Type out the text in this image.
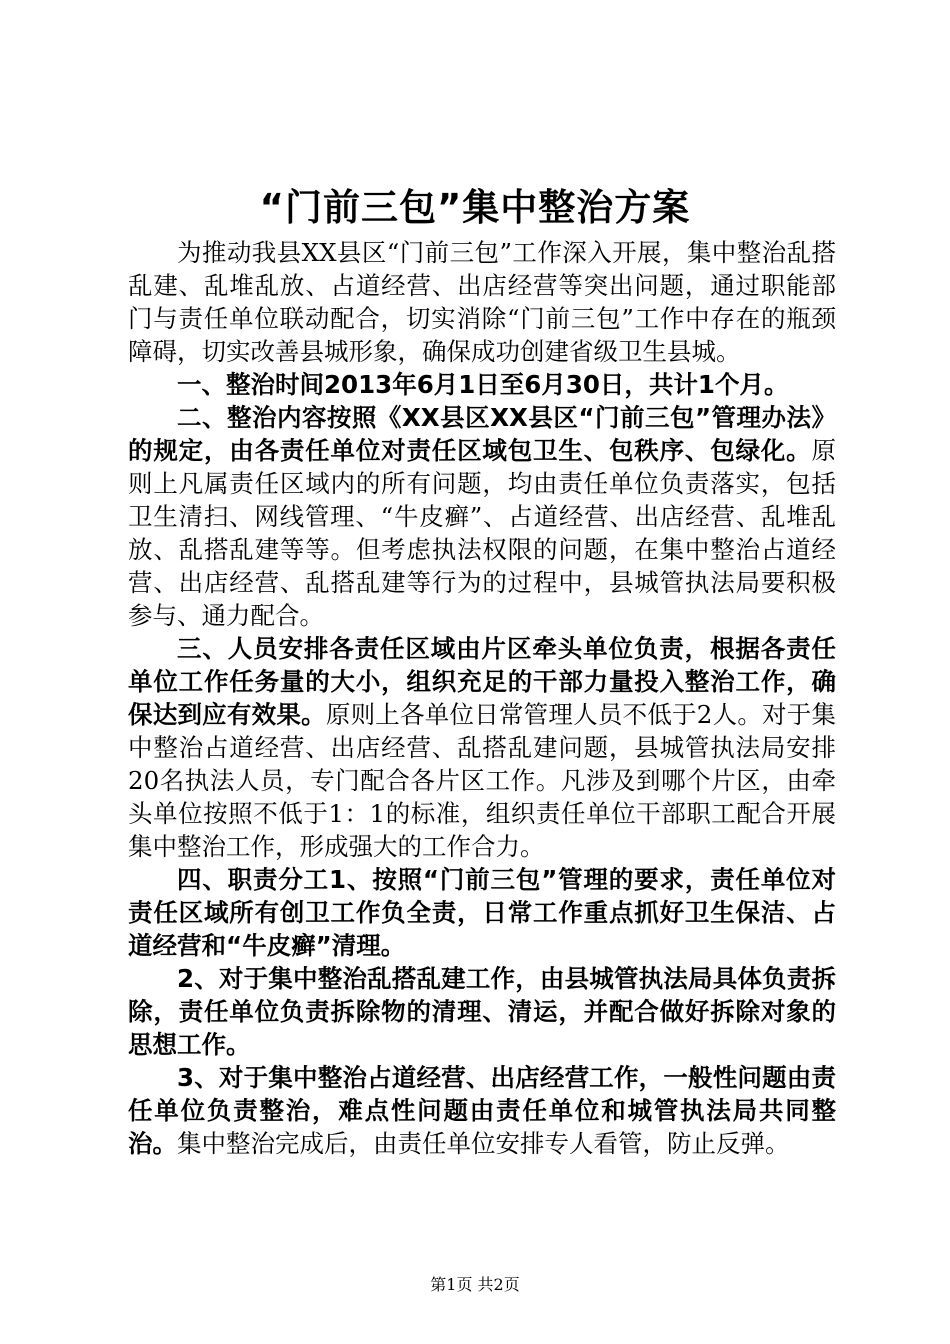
“门前三包”集中整治方案

为推动我县XX县区“门前三包”工作深入开展，集中整治乱搭乱建、乱堆乱放、占道经营、出店经营等突出问题，通过职能部门与责任单位联动配合，切实消除“门前三包”工作中存在的瓶颈障碍，切实改善县城形象，确保成功创建省级卫生县城。

一、整治时间2013年6月1日至6月30日，共计1个月。

二、整治内容按照《XX县区XX县区“门前三包”管理办法》的规定，由各责任单位对责任区域包卫生、包秩序、包绿化。原则上凡属责任区域内的所有问题，均由责任单位负责落实，包括卫生清扫、网线管理、“牛皮癣”、占道经营、出店经营、乱堆乱放、乱搭乱建等等。但考虑执法权限的问题，在集中整治占道经营、出店经营、乱搭乱建等行为的过程中，县城管执法局要积极参与、通力配合。

三、人员安排各责任区域由片区牵头单位负责，根据各责任单位工作任务量的大小，组织充足的干部力量投入整治工作，确保达到应有效果。原则上各单位日常管理人员不低于2人。对于集中整治占道经营、出店经营、乱搭乱建问题，县城管执法局安排20名执法人员，专门配合各片区工作。凡涉及到哪个片区，由牵头单位按照不低于1：1的标准，组织责任单位干部职工配合开展集中整治工作，形成强大的工作合力。

四、职责分工1、按照“门前三包”管理的要求，责任单位对责任区域所有创卫工作负全责，日常工作重点抓好卫生保洁、占道经营和“牛皮癣”清理。

2、对于集中整治乱搭乱建工作，由县城管执法局具体负责拆除，责任单位负责拆除物的清理、清运，并配合做好拆除对象的思想工作。

3、对于集中整治占道经营、出店经营工作，一般性问题由责任单位负责整治，难点性问题由责任单位和城管执法局共同整治。集中整治完成后，由责任单位安排专人看管，防止反弹。

第1页 共2页
